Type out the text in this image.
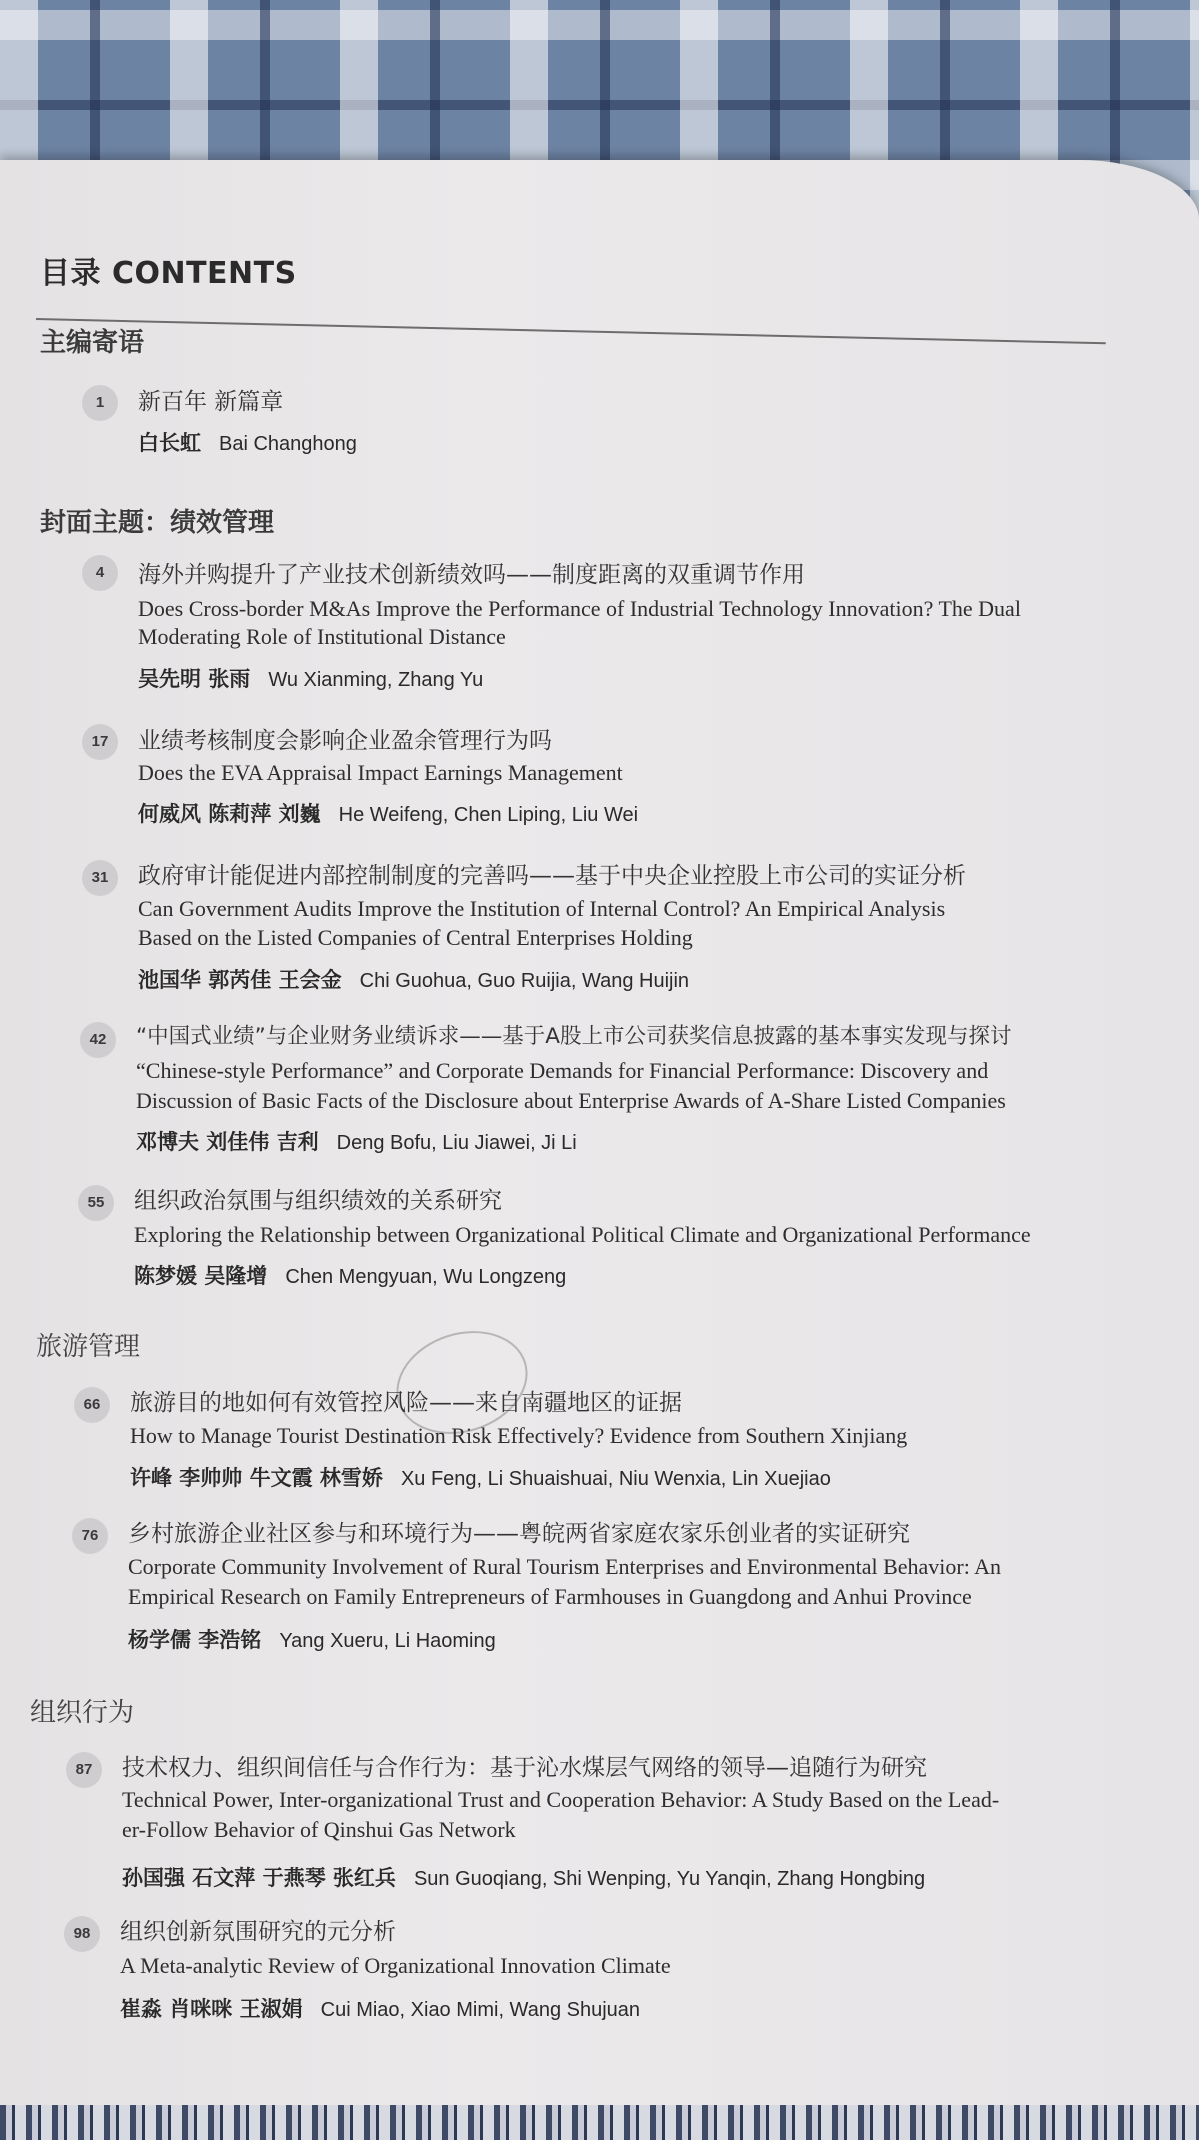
目录 CONTENTS
主编寄语
1	新百年 新篇章
白长虹 Bai Changhong
封面主题：绩效管理
4	海外并购提升了产业技术创新绩效吗——制度距离的双重调节作用
Does Cross-border M&As Improve the Performance of Industrial Technology Innovation? The Dual
Moderating Role of Institutional Distance
吴先明 张雨 Wu Xianming, Zhang Yu
17	业绩考核制度会影响企业盈余管理行为吗
Does the EVA Appraisal Impact Earnings Management
何威风 陈莉萍 刘巍 He Weifeng, Chen Liping, Liu Wei
31	政府审计能促进内部控制制度的完善吗——基于中央企业控股上市公司的实证分析
Can Government Audits Improve the Institution of Internal Control? An Empirical Analysis
Based on the Listed Companies of Central Enterprises Holding
池国华 郭芮佳 王会金 Chi Guohua, Guo Ruijia, Wang Huijin
42	“中国式业绩”与企业财务业绩诉求——基于A股上市公司获奖信息披露的基本事实发现与探讨
“Chinese-style Performance” and Corporate Demands for Financial Performance: Discovery and
Discussion of Basic Facts of the Disclosure about Enterprise Awards of A-Share Listed Companies
邓博夫 刘佳伟 吉利 Deng Bofu, Liu Jiawei, Ji Li
55	组织政治氛围与组织绩效的关系研究
Exploring the Relationship between Organizational Political Climate and Organizational Performance
陈梦媛 吴隆增 Chen Mengyuan, Wu Longzeng
旅游管理
66	旅游目的地如何有效管控风险——来自南疆地区的证据
How to Manage Tourist Destination Risk Effectively? Evidence from Southern Xinjiang
许峰 李帅帅 牛文霞 林雪娇 Xu Feng, Li Shuaishuai, Niu Wenxia, Lin Xuejiao
76	乡村旅游企业社区参与和环境行为——粤皖两省家庭农家乐创业者的实证研究
Corporate Community Involvement of Rural Tourism Enterprises and Environmental Behavior: An
Empirical Research on Family Entrepreneurs of Farmhouses in Guangdong and Anhui Province
杨学儒 李浩铭 Yang Xueru, Li Haoming
组织行为
87	技术权力、组织间信任与合作行为：基于沁水煤层气网络的领导—追随行为研究
Technical Power, Inter-organizational Trust and Cooperation Behavior: A Study Based on the Lead-
er-Follow Behavior of Qinshui Gas Network
孙国强 石文萍 于燕琴 张红兵 Sun Guoqiang, Shi Wenping, Yu Yanqin, Zhang Hongbing
98	组织创新氛围研究的元分析
A Meta-analytic Review of Organizational Innovation Climate
崔淼 肖咪咪 王淑娟 Cui Miao, Xiao Mimi, Wang Shujuan
